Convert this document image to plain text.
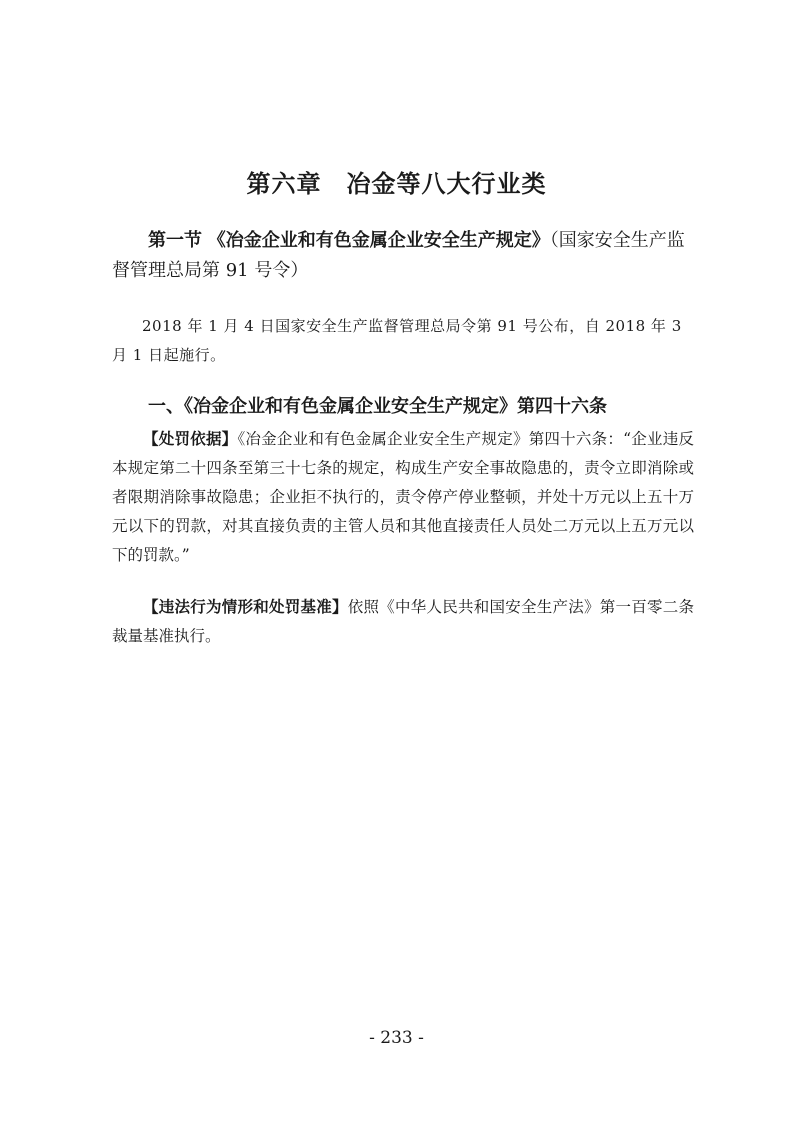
第六章　冶金等八大行业类
第一节 《冶金企业和有色金属企业安全生产规定》（国家安全生产监督管理总局第 91 号令）
2018 年 1 月 4 日国家安全生产监督管理总局令第 91 号公布，自 2018 年 3 月 1 日起施行。
一、《冶金企业和有色金属企业安全生产规定》第四十六条
【处罚依据】《冶金企业和有色金属企业安全生产规定》第四十六条：“企业违反本规定第二十四条至第三十七条的规定，构成生产安全事故隐患的，责令立即消除或者限期消除事故隐患；企业拒不执行的，责令停产停业整顿，并处十万元以上五十万元以下的罚款，对其直接负责的主管人员和其他直接责任人员处二万元以上五万元以下的罚款。”
【违法行为情形和处罚基准】依照《中华人民共和国安全生产法》第一百零二条裁量基准执行。
- 233 -
